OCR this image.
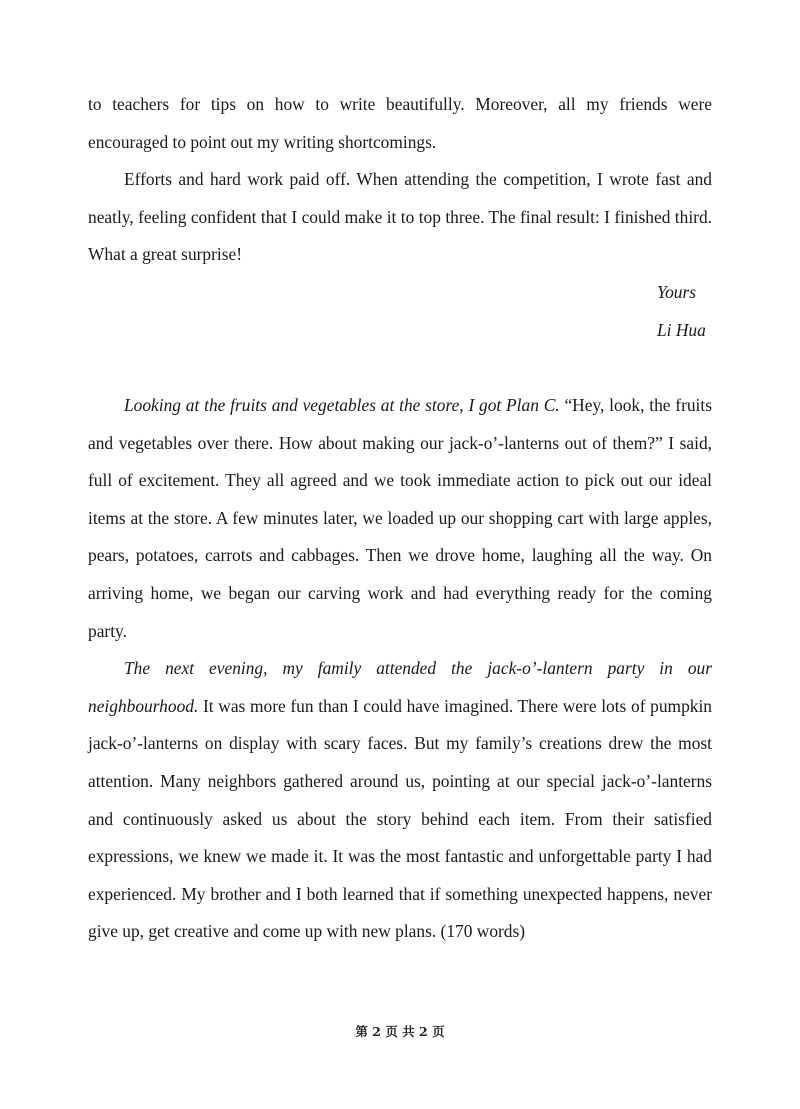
to teachers for tips on how to write beautifully. Moreover, all my friends were encouraged to point out my writing shortcomings.

Efforts and hard work paid off. When attending the competition, I wrote fast and neatly, feeling confident that I could make it to top three. The final result: I finished third. What a great surprise!

Yours
Li Hua

Looking at the fruits and vegetables at the store, I got Plan C. “Hey, look, the fruits and vegetables over there. How about making our jack-o’-lanterns out of them?” I said, full of excitement. They all agreed and we took immediate action to pick out our ideal items at the store. A few minutes later, we loaded up our shopping cart with large apples, pears, potatoes, carrots and cabbages. Then we drove home, laughing all the way. On arriving home, we began our carving work and had everything ready for the coming party.

The next evening, my family attended the jack-o’-lantern party in our neighbourhood. It was more fun than I could have imagined. There were lots of pumpkin jack-o’-lanterns on display with scary faces. But my family’s creations drew the most attention. Many neighbors gathered around us, pointing at our special jack-o’-lanterns and continuously asked us about the story behind each item. From their satisfied expressions, we knew we made it. It was the most fantastic and unforgettable party I had experienced. My brother and I both learned that if something unexpected happens, never give up, get creative and come up with new plans. (170 words)

第 2 页 共 2 页
